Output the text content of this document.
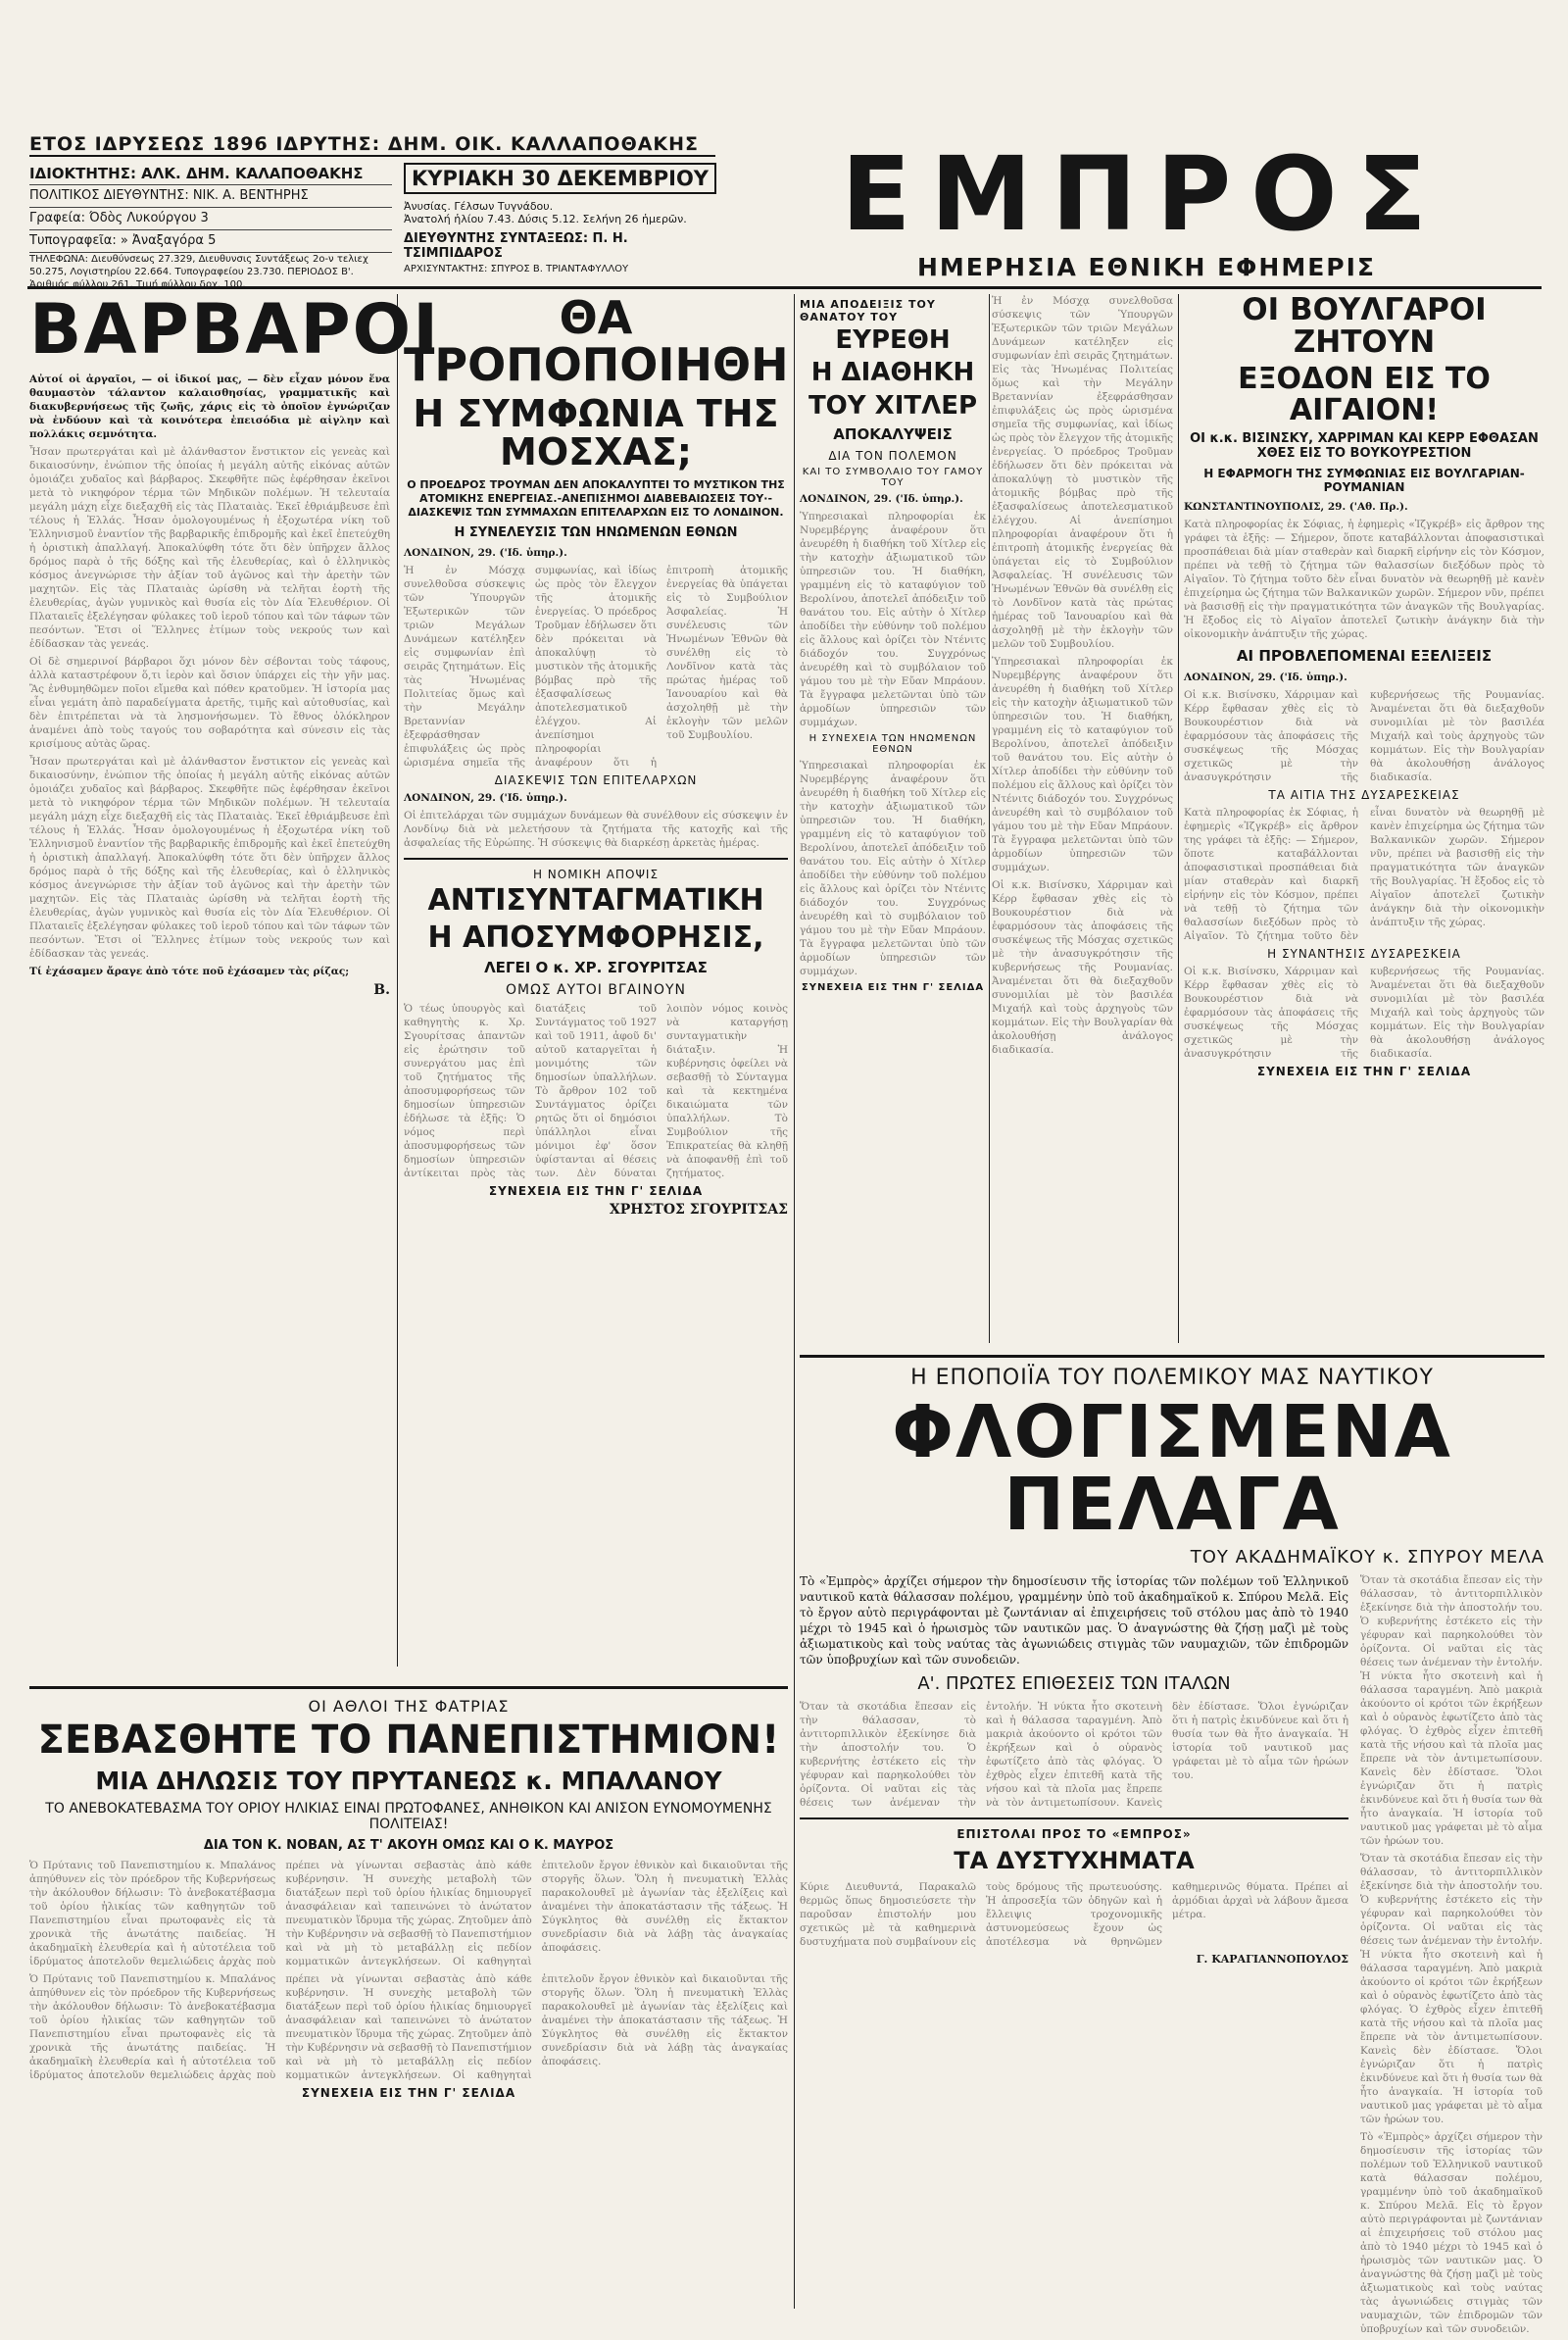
ΕΤΟΣ ΙΔΡΥΣΕΩΣ 1896 ΙΔΡΥΤΗΣ: ΔΗΜ. ΟΙΚ. ΚΑΛΛΑΠΟΘΑΚΗΣ
ΙΔΙΟΚΤΗΤΗΣ: ΑΛΚ. ΔΗΜ. ΚΑΛΑΠΟΘΑΚΗΣ
ΠΟΛΙΤΙΚΟΣ ΔΙΕΥΘΥΝΤΗΣ: ΝΙΚ. Α. ΒΕΝΤΗΡΗΣ
Γραφεία: Όδὸς Λυκούργου 3
Τυπογραφεῖα: » Ἀναξαγόρα 5
ΤΗΛΕΦΩΝΑ: Διευθύνσεως 27.329, Διευθυνσις Συντάξεως 2ο-ν τελιεχ 50.275, Λογιστηρίου 22.664. Τυπογραφείου 23.730. ΠΕΡΙΟΔΟΣ Β'. Ἀριθμός φύλλου 261. Τιμή φύλλου δρχ. 100.
ΚΥΡΙΑΚΗ 30 ΔΕΚΕΜΒΡΙΟΥ
Ἀνυσίας. Γέλσων Τυγνάδου.
Ἀνατολή ἡλίου 7.43. Δύσις 5.12. Σελήνη 26 ἡμερῶν.
ΔΙΕΥΘΥΝΤΗΣ ΣΥΝΤΑΞΕΩΣ: Π. Η. ΤΣΙΜΠΙΔΑΡΟΣ
ΑΡΧΙΣΥΝΤΑΚΤΗΣ: ΣΠΥΡΟΣ Β. ΤΡΙΑΝΤΑΦΥΛΛΟΥ
ΕΜΠΡΟΣ
ΗΜΕΡΗΣΙΑ ΕΘΝΙΚΗ ΕΦΗΜΕΡΙΣ
ΒΑΡΒΑΡΟΙ

Αὐτοί οἱ ἀργαῖοι, — οἱ ἰδικοί μας, — δὲν εἶχαν μόνον ἕνα θαυμαστὸν τάλαντον καλαισθησίας, γραμματικῆς καὶ διακυβερνήσεως τῆς ζωῆς, χάρις εἰς τὸ ὁποῖον ἐγνώριζαν νὰ ἐνδύουν καὶ τὰ κοινότερα ἐπεισόδια μὲ αἰγλην καὶ πολλάκις σεμνότητα.

Ἦσαν πρωτεργάται καὶ μὲ ἀλάνθαστον ἔνστικτον εἰς γενεὰς καὶ δικαιοσύνην, ἐνώπιον τῆς ὁποίας ἡ μεγάλη αὐτῆς εἰκόνας αὐτῶν ὁμοιάζει χυδαῖος καὶ βάρβαρος. Σκεφθῆτε πῶς ἐφέρθησαν ἐκεῖνοι μετὰ τὸ νικηφόρον τέρμα τῶν Μηδικῶν πολέμων. Ἡ τελευταία μεγάλη μάχη εἶχε διεξαχθῆ εἰς τὰς Πλαταιὰς. Ἐκεῖ ἐθριάμβευσε ἐπὶ τέλους ἡ Ἑλλάς. Ἦσαν ὁμολογουμένως ἡ ἐξοχωτέρα νίκη τοῦ Ἑλληνισμοῦ ἐναντίον τῆς βαρβαρικῆς ἐπιδρομῆς καὶ ἐκεῖ ἐπετεύχθη ἡ ὁριστικὴ ἀπαλλαγή. Ἀποκαλύφθη τότε ὅτι δὲν ὑπῆρχεν ἄλλος δρόμος παρὰ ὁ τῆς δόξης καὶ τῆς ἐλευθερίας, καὶ ὁ ἑλληνικὸς κόσμος ἀνεγνώρισε τὴν ἀξίαν τοῦ ἀγῶνος καὶ τὴν ἀρετὴν τῶν μαχητῶν. Εἰς τὰς Πλαταιὰς ὡρίσθη νὰ τελῆται ἑορτὴ τῆς ἐλευθερίας, ἀγὼν γυμνικὸς καὶ θυσία εἰς τὸν Δία Ἐλευθέριον. Οἱ Πλαταιεῖς ἐξελέγησαν φύλακες τοῦ ἱεροῦ τόπου καὶ τῶν τάφων τῶν πεσόντων. Ἔτσι οἱ Ἕλληνες ἐτίμων τοὺς νεκρούς των καὶ ἐδίδασκαν τὰς γενεάς.

Οἱ δὲ σημερινοί βάρβαροι ὅχι μόνον δὲν σέβονται τοὺς τάφους, ἀλλὰ καταστρέφουν ὅ,τι ἱερὸν καὶ ὅσιον ὑπάρχει εἰς τὴν γῆν μας. Ἂς ἐνθυμηθῶμεν ποῖοι εἴμεθα καὶ πόθεν κρατοῦμεν. Ἡ ἱστορία μας εἶναι γεμάτη ἀπὸ παραδείγματα ἀρετῆς, τιμῆς καὶ αὐτοθυσίας, καὶ δὲν ἐπιτρέπεται νὰ τὰ λησμονήσωμεν. Τὸ ἔθνος ὁλόκληρον ἀναμένει ἀπὸ τοὺς ταγούς του σοβαρότητα καὶ σύνεσιν εἰς τὰς κρισίμους αὐτὰς ὥρας.

Ἦσαν πρωτεργάται καὶ μὲ ἀλάνθαστον ἔνστικτον εἰς γενεὰς καὶ δικαιοσύνην, ἐνώπιον τῆς ὁποίας ἡ μεγάλη αὐτῆς εἰκόνας αὐτῶν ὁμοιάζει χυδαῖος καὶ βάρβαρος. Σκεφθῆτε πῶς ἐφέρθησαν ἐκεῖνοι μετὰ τὸ νικηφόρον τέρμα τῶν Μηδικῶν πολέμων. Ἡ τελευταία μεγάλη μάχη εἶχε διεξαχθῆ εἰς τὰς Πλαταιὰς. Ἐκεῖ ἐθριάμβευσε ἐπὶ τέλους ἡ Ἑλλάς. Ἦσαν ὁμολογουμένως ἡ ἐξοχωτέρα νίκη τοῦ Ἑλληνισμοῦ ἐναντίον τῆς βαρβαρικῆς ἐπιδρομῆς καὶ ἐκεῖ ἐπετεύχθη ἡ ὁριστικὴ ἀπαλλαγή. Ἀποκαλύφθη τότε ὅτι δὲν ὑπῆρχεν ἄλλος δρόμος παρὰ ὁ τῆς δόξης καὶ τῆς ἐλευθερίας, καὶ ὁ ἑλληνικὸς κόσμος ἀνεγνώρισε τὴν ἀξίαν τοῦ ἀγῶνος καὶ τὴν ἀρετὴν τῶν μαχητῶν. Εἰς τὰς Πλαταιὰς ὡρίσθη νὰ τελῆται ἑορτὴ τῆς ἐλευθερίας, ἀγὼν γυμνικὸς καὶ θυσία εἰς τὸν Δία Ἐλευθέριον. Οἱ Πλαταιεῖς ἐξελέγησαν φύλακες τοῦ ἱεροῦ τόπου καὶ τῶν τάφων τῶν πεσόντων. Ἔτσι οἱ Ἕλληνες ἐτίμων τοὺς νεκρούς των καὶ ἐδίδασκαν τὰς γενεάς.

Τί ἐχάσαμεν ἄραγε ἀπὸ τότε ποῦ ἐχάσαμεν τὰς ρίζας;

Β.
ΘΑ ΤΡΟΠΟΠΟΙΗΘΗ
Η ΣΥΜΦΩΝΙΑ ΤΗΣ ΜΟΣΧΑΣ;

Ο ΠΡΟΕΔΡΟΣ ΤΡΟΥΜΑΝ ΔΕΝ ΑΠΟΚΑΛΥΠΤΕΙ ΤΟ ΜΥΣΤΙΚΟΝ ΤΗΣ ΑΤΟΜΙΚΗΣ ΕΝΕΡΓΕΙΑΣ.-ΑΝΕΠΙΣΗΜΟΙ ΔΙΑΒΕΒΑΙΩΣΕΙΣ ΤΟΥ·-ΔΙΑΣΚΕΨΙΣ ΤΩΝ ΣΥΜΜΑΧΩΝ ΕΠΙΤΕΛΑΡΧΩΝ ΕΙΣ ΤΟ ΛΟΝΔΙΝΟΝ.

Η ΣΥΝΕΛΕΥΣΙΣ ΤΩΝ ΗΝΩΜΕΝΩΝ ΕΘΝΩΝ

ΛΟΝΔΙΝΟΝ, 29. ('Ιδ. ὑπηρ.).

Ἡ ἐν Μόσχᾳ συνελθοῦσα σύσκεψις τῶν Ὑπουργῶν Ἐξωτερικῶν τῶν τριῶν Μεγάλων Δυνάμεων κατέληξεν εἰς συμφωνίαν ἐπὶ σειρᾶς ζητημάτων. Εἰς τὰς Ἡνωμένας Πολιτείας ὅμως καὶ τὴν Μεγάλην Βρεταννίαν ἐξεφράσθησαν ἐπιφυλάξεις ὡς πρὸς ὡρισμένα σημεῖα τῆς συμφωνίας, καὶ ἰδίως ὡς πρὸς τὸν ἔλεγχον τῆς ἀτομικῆς ἐνεργείας. Ὁ πρόεδρος Τροῦμαν ἐδήλωσεν ὅτι δὲν πρόκειται νὰ ἀποκαλύψῃ τὸ μυστικὸν τῆς ἀτομικῆς βόμβας πρὸ τῆς ἐξασφαλίσεως ἀποτελεσματικοῦ ἐλέγχου. Αἱ ἀνεπίσημοι πληροφορίαι ἀναφέρουν ὅτι ἡ ἐπιτροπὴ ἀτομικῆς ἐνεργείας θὰ ὑπάγεται εἰς τὸ Συμβούλιον Ἀσφαλείας. Ἡ συνέλευσις τῶν Ἡνωμένων Ἐθνῶν θὰ συνέλθῃ εἰς τὸ Λονδῖνον κατὰ τὰς πρώτας ἡμέρας τοῦ Ἰανουαρίου καὶ θὰ ἀσχοληθῇ μὲ τὴν ἐκλογὴν τῶν μελῶν τοῦ Συμβουλίου.

ΔΙΑΣΚΕΨΙΣ ΤΩΝ ΕΠΙΤΕΛΑΡΧΩΝ

ΛΟΝΔΙΝΟΝ, 29. ('Ιδ. ὑπηρ.).

Οἱ ἐπιτελάρχαι τῶν συμμάχων δυνάμεων θὰ συνέλθουν εἰς σύσκεψιν ἐν Λονδίνῳ διὰ νὰ μελετήσουν τὰ ζητήματα τῆς κατοχῆς καὶ τῆς ἀσφαλείας τῆς Εὐρώπης. Ἡ σύσκεψις θὰ διαρκέσῃ ἀρκετὰς ἡμέρας.

Η ΝΟΜΙΚΗ ΑΠΟΨΙΣ
ΑΝΤΙΣΥΝΤΑΓΜΑΤΙΚΗ
Η ΑΠΟΣΥΜΦΟΡΗΣΙΣ,
ΛΕΓΕΙ Ο κ. ΧΡ. ΣΓΟΥΡΙΤΣΑΣ
ΟΜΩΣ ΑΥΤΟΙ ΒΓΑΙΝΟΥΝ

Ὁ τέως ὑπουργὸς καὶ καθηγητὴς κ. Χρ. Σγουρίτσας ἀπαντῶν εἰς ἐρώτησιν τοῦ συνεργάτου μας ἐπὶ τοῦ ζητήματος τῆς ἀποσυμφορήσεως τῶν δημοσίων ὑπηρεσιῶν ἐδήλωσε τὰ ἑξῆς: Ὁ νόμος περὶ ἀποσυμφορήσεως τῶν δημοσίων ὑπηρεσιῶν ἀντίκειται πρὸς τὰς διατάξεις τοῦ Συντάγματος τοῦ 1927 καὶ τοῦ 1911, ἀφοῦ δι' αὐτοῦ καταργεῖται ἡ μονιμότης τῶν δημοσίων ὑπαλλήλων. Τὸ ἄρθρον 102 τοῦ Συντάγματος ὁρίζει ρητῶς ὅτι οἱ δημόσιοι ὑπάλληλοι εἶναι μόνιμοι ἐφ' ὅσον ὑφίστανται αἱ θέσεις των. Δὲν δύναται λοιπὸν νόμος κοινὸς νὰ καταργήσῃ συνταγματικὴν διάταξιν. Ἡ κυβέρνησις ὀφείλει νὰ σεβασθῇ τὸ Σύνταγμα καὶ τὰ κεκτημένα δικαιώματα τῶν ὑπαλλήλων. Τὸ Συμβούλιον τῆς Ἐπικρατείας θὰ κληθῇ νὰ ἀποφανθῇ ἐπὶ τοῦ ζητήματος.

ΣΥΝΕΧΕΙΑ ΕΙΣ ΤΗΝ Γ' ΣΕΛΙΔΑ
ΧΡΗΣΤΟΣ ΣΓΟΥΡΙΤΣΑΣ
ΜΙΑ ΑΠΟΔΕΙΞΙΣ ΤΟΥ ΘΑΝΑΤΟΥ ΤΟΥ
ΕΥΡΕΘΗ
Η ΔΙΑΘΗΚΗ
ΤΟΥ ΧΙΤΛΕΡ
ΑΠΟΚΑΛΥΨΕΙΣ
ΔΙΑ ΤΟΝ ΠΟΛΕΜΟΝ
ΚΑΙ ΤΟ ΣΥΜΒΟΛΑΙΟ ΤΟΥ ΓΑΜΟΥ ΤΟΥ

ΛΟΝΔΙΝΟΝ, 29. ('Ιδ. ὑπηρ.).

Ὑπηρεσιακαὶ πληροφορίαι ἐκ Νυρεμβέργης ἀναφέρουν ὅτι ἀνευρέθη ἡ διαθήκη τοῦ Χίτλερ εἰς τὴν κατοχὴν ἀξιωματικοῦ τῶν ὑπηρεσιῶν του. Ἡ διαθήκη, γραμμένη εἰς τὸ καταφύγιον τοῦ Βερολίνου, ἀποτελεῖ ἀπόδειξιν τοῦ θανάτου του. Εἰς αὐτὴν ὁ Χίτλερ ἀποδίδει τὴν εὐθύνην τοῦ πολέμου εἰς ἄλλους καὶ ὁρίζει τὸν Ντένιτς διάδοχόν του. Συγχρόνως ἀνευρέθη καὶ τὸ συμβόλαιον τοῦ γάμου του μὲ τὴν Εὔαν Μπράουν. Τὰ ἔγγραφα μελετῶνται ὑπὸ τῶν ἀρμοδίων ὑπηρεσιῶν τῶν συμμάχων.

Η ΣΥΝΕΧΕΙΑ ΤΩΝ ΗΝΩΜΕΝΩΝ ΕΘΝΩΝ

Ὑπηρεσιακαὶ πληροφορίαι ἐκ Νυρεμβέργης ἀναφέρουν ὅτι ἀνευρέθη ἡ διαθήκη τοῦ Χίτλερ εἰς τὴν κατοχὴν ἀξιωματικοῦ τῶν ὑπηρεσιῶν του. Ἡ διαθήκη, γραμμένη εἰς τὸ καταφύγιον τοῦ Βερολίνου, ἀποτελεῖ ἀπόδειξιν τοῦ θανάτου του. Εἰς αὐτὴν ὁ Χίτλερ ἀποδίδει τὴν εὐθύνην τοῦ πολέμου εἰς ἄλλους καὶ ὁρίζει τὸν Ντένιτς διάδοχόν του. Συγχρόνως ἀνευρέθη καὶ τὸ συμβόλαιον τοῦ γάμου του μὲ τὴν Εὔαν Μπράουν. Τὰ ἔγγραφα μελετῶνται ὑπὸ τῶν ἀρμοδίων ὑπηρεσιῶν τῶν συμμάχων.

ΣΥΝΕΧΕΙΑ ΕΙΣ ΤΗΝ Γ' ΣΕΛΙΔΑ

Ἡ ἐν Μόσχᾳ συνελθοῦσα σύσκεψις τῶν Ὑπουργῶν Ἐξωτερικῶν τῶν τριῶν Μεγάλων Δυνάμεων κατέληξεν εἰς συμφωνίαν ἐπὶ σειρᾶς ζητημάτων. Εἰς τὰς Ἡνωμένας Πολιτείας ὅμως καὶ τὴν Μεγάλην Βρεταννίαν ἐξεφράσθησαν ἐπιφυλάξεις ὡς πρὸς ὡρισμένα σημεῖα τῆς συμφωνίας, καὶ ἰδίως ὡς πρὸς τὸν ἔλεγχον τῆς ἀτομικῆς ἐνεργείας. Ὁ πρόεδρος Τροῦμαν ἐδήλωσεν ὅτι δὲν πρόκειται νὰ ἀποκαλύψῃ τὸ μυστικὸν τῆς ἀτομικῆς βόμβας πρὸ τῆς ἐξασφαλίσεως ἀποτελεσματικοῦ ἐλέγχου. Αἱ ἀνεπίσημοι πληροφορίαι ἀναφέρουν ὅτι ἡ ἐπιτροπὴ ἀτομικῆς ἐνεργείας θὰ ὑπάγεται εἰς τὸ Συμβούλιον Ἀσφαλείας. Ἡ συνέλευσις τῶν Ἡνωμένων Ἐθνῶν θὰ συνέλθῃ εἰς τὸ Λονδῖνον κατὰ τὰς πρώτας ἡμέρας τοῦ Ἰανουαρίου καὶ θὰ ἀσχοληθῇ μὲ τὴν ἐκλογὴν τῶν μελῶν τοῦ Συμβουλίου.

Ὑπηρεσιακαὶ πληροφορίαι ἐκ Νυρεμβέργης ἀναφέρουν ὅτι ἀνευρέθη ἡ διαθήκη τοῦ Χίτλερ εἰς τὴν κατοχὴν ἀξιωματικοῦ τῶν ὑπηρεσιῶν του. Ἡ διαθήκη, γραμμένη εἰς τὸ καταφύγιον τοῦ Βερολίνου, ἀποτελεῖ ἀπόδειξιν τοῦ θανάτου του. Εἰς αὐτὴν ὁ Χίτλερ ἀποδίδει τὴν εὐθύνην τοῦ πολέμου εἰς ἄλλους καὶ ὁρίζει τὸν Ντένιτς διάδοχόν του. Συγχρόνως ἀνευρέθη καὶ τὸ συμβόλαιον τοῦ γάμου του μὲ τὴν Εὔαν Μπράουν. Τὰ ἔγγραφα μελετῶνται ὑπὸ τῶν ἀρμοδίων ὑπηρεσιῶν τῶν συμμάχων.

Οἱ κ.κ. Βισίνσκυ, Χάρριμαν καὶ Κέρρ ἔφθασαν χθὲς εἰς τὸ Βουκουρέστιον διὰ νὰ ἐφαρμόσουν τὰς ἀποφάσεις τῆς συσκέψεως τῆς Μόσχας σχετικῶς μὲ τὴν ἀνασυγκρότησιν τῆς κυβερνήσεως τῆς Ρουμανίας. Ἀναμένεται ὅτι θὰ διεξαχθοῦν συνομιλίαι μὲ τὸν βασιλέα Μιχαήλ καὶ τοὺς ἀρχηγοὺς τῶν κομμάτων. Εἰς τὴν Βουλγαρίαν θὰ ἀκολουθήσῃ ἀνάλογος διαδικασία.

ΟΙ ΒΟΥΛΓΑΡΟΙ ΖΗΤΟΥΝ
ΕΞΟΔΟΝ ΕΙΣ ΤΟ ΑΙΓΑΙΟΝ!
ΟΙ κ.κ. ΒΙΣΙΝΣΚΥ, ΧΑΡΡΙΜΑΝ ΚΑΙ ΚΕΡΡ ΕΦΘΑΣΑΝ ΧΘΕΣ ΕΙΣ ΤΟ ΒΟΥΚΟΥΡΕΣΤΙΟΝ
Η ΕΦΑΡΜΟΓΗ ΤΗΣ ΣΥΜΦΩΝΙΑΣ ΕΙΣ ΒΟΥΛΓΑΡΙΑΝ-ΡΟΥΜΑΝΙΑΝ

ΚΩΝΣΤΑΝΤΙΝΟΥΠΟΛΙΣ, 29. ('Αθ. Πρ.).

Κατὰ πληροφορίας ἐκ Σόφιας, ἡ ἐφημερὶς «Ἰζγκρέβ» εἰς ἄρθρον της γράφει τὰ ἑξῆς: — Σήμερον, ὅποτε καταβάλλονται ἀποφασιστικαὶ προσπάθειαι διὰ μίαν σταθερὰν καὶ διαρκῆ εἰρήνην εἰς τὸν Κόσμον, πρέπει νὰ τεθῇ τὸ ζήτημα τῶν θαλασσίων διεξόδων πρὸς τὸ Αἰγαῖον. Τὸ ζήτημα τοῦτο δὲν εἶναι δυνατὸν νὰ θεωρηθῇ μὲ κανὲν ἐπιχείρημα ὡς ζήτημα τῶν Βαλκανικῶν χωρῶν. Σήμερον νῦν, πρέπει νὰ βασισθῇ εἰς τὴν πραγματικότητα τῶν ἀναγκῶν τῆς Βουλγαρίας. Ἡ ἔξοδος εἰς τὸ Αἰγαῖον ἀποτελεῖ ζωτικὴν ἀνάγκην διὰ τὴν οἰκονομικὴν ἀνάπτυξιν τῆς χώρας.

ΑΙ ΠΡΟΒΛΕΠΟΜΕΝΑΙ ΕΞΕΛΙΞΕΙΣ

ΛΟΝΔΙΝΟΝ, 29. ('Ιδ. ὑπηρ.).

Οἱ κ.κ. Βισίνσκυ, Χάρριμαν καὶ Κέρρ ἔφθασαν χθὲς εἰς τὸ Βουκουρέστιον διὰ νὰ ἐφαρμόσουν τὰς ἀποφάσεις τῆς συσκέψεως τῆς Μόσχας σχετικῶς μὲ τὴν ἀνασυγκρότησιν τῆς κυβερνήσεως τῆς Ρουμανίας. Ἀναμένεται ὅτι θὰ διεξαχθοῦν συνομιλίαι μὲ τὸν βασιλέα Μιχαήλ καὶ τοὺς ἀρχηγοὺς τῶν κομμάτων. Εἰς τὴν Βουλγαρίαν θὰ ἀκολουθήσῃ ἀνάλογος διαδικασία.

ΤΑ ΑΙΤΙΑ ΤΗΣ ΔΥΣΑΡΕΣΚΕΙΑΣ

Κατὰ πληροφορίας ἐκ Σόφιας, ἡ ἐφημερὶς «Ἰζγκρέβ» εἰς ἄρθρον της γράφει τὰ ἑξῆς: — Σήμερον, ὅποτε καταβάλλονται ἀποφασιστικαὶ προσπάθειαι διὰ μίαν σταθερὰν καὶ διαρκῆ εἰρήνην εἰς τὸν Κόσμον, πρέπει νὰ τεθῇ τὸ ζήτημα τῶν θαλασσίων διεξόδων πρὸς τὸ Αἰγαῖον. Τὸ ζήτημα τοῦτο δὲν εἶναι δυνατὸν νὰ θεωρηθῇ μὲ κανὲν ἐπιχείρημα ὡς ζήτημα τῶν Βαλκανικῶν χωρῶν. Σήμερον νῦν, πρέπει νὰ βασισθῇ εἰς τὴν πραγματικότητα τῶν ἀναγκῶν τῆς Βουλγαρίας. Ἡ ἔξοδος εἰς τὸ Αἰγαῖον ἀποτελεῖ ζωτικὴν ἀνάγκην διὰ τὴν οἰκονομικὴν ἀνάπτυξιν τῆς χώρας.

Η ΣΥΝΑΝΤΗΣΙΣ ΔΥΣΑΡΕΣΚΕΙΑ

Οἱ κ.κ. Βισίνσκυ, Χάρριμαν καὶ Κέρρ ἔφθασαν χθὲς εἰς τὸ Βουκουρέστιον διὰ νὰ ἐφαρμόσουν τὰς ἀποφάσεις τῆς συσκέψεως τῆς Μόσχας σχετικῶς μὲ τὴν ἀνασυγκρότησιν τῆς κυβερνήσεως τῆς Ρουμανίας. Ἀναμένεται ὅτι θὰ διεξαχθοῦν συνομιλίαι μὲ τὸν βασιλέα Μιχαήλ καὶ τοὺς ἀρχηγοὺς τῶν κομμάτων. Εἰς τὴν Βουλγαρίαν θὰ ἀκολουθήσῃ ἀνάλογος διαδικασία.

ΣΥΝΕΧΕΙΑ ΕΙΣ ΤΗΝ Γ' ΣΕΛΙΔΑ
ΟΙ ΑΘΛΟΙ ΤΗΣ ΦΑΤΡΙΑΣ
ΣΕΒΑΣΘΗΤΕ ΤΟ ΠΑΝΕΠΙΣΤΗΜΙΟΝ!
ΜΙΑ ΔΗΛΩΣΙΣ ΤΟΥ ΠΡΥΤΑΝΕΩΣ κ. ΜΠΑΛΑΝΟΥ
ΤΟ ΑΝΕΒΟΚΑΤΕΒΑΣΜΑ ΤΟΥ ΟΡΙΟΥ ΗΛΙΚΙΑΣ ΕΙΝΑΙ ΠΡΩΤΟΦΑΝΕΣ, ΑΝΗΘΙΚΟΝ ΚΑΙ ΑΝΙΣΟΝ ΕΥΝΟΜΟΥΜΕΝΗΣ ΠΟΛΙΤΕΙΑΣ!
ΔΙΑ ΤΟΝ Κ. ΝΟΒΑΝ, ΑΣ Τ' ΑΚΟΥΗ ΟΜΩΣ ΚΑΙ Ο Κ. ΜΑΥΡΟΣ

Ὁ Πρύτανις τοῦ Πανεπιστημίου κ. Μπαλάνος ἀπηύθυνεν εἰς τὸν πρόεδρον τῆς Κυβερνήσεως τὴν ἀκόλουθον δήλωσιν: Τὸ ἀνεβοκατέβασμα τοῦ ὁρίου ἡλικίας τῶν καθηγητῶν τοῦ Πανεπιστημίου εἶναι πρωτοφανὲς εἰς τὰ χρονικὰ τῆς ἀνωτάτης παιδείας. Ἡ ἀκαδημαϊκὴ ἐλευθερία καὶ ἡ αὐτοτέλεια τοῦ ἱδρύματος ἀποτελοῦν θεμελιώδεις ἀρχὰς ποὺ πρέπει νὰ γίνωνται σεβαστὰς ἀπὸ κάθε κυβέρνησιν. Ἡ συνεχὴς μεταβολὴ τῶν διατάξεων περὶ τοῦ ὁρίου ἡλικίας δημιουργεῖ ἀνασφάλειαν καὶ ταπεινώνει τὸ ἀνώτατον πνευματικὸν ἵδρυμα τῆς χώρας. Ζητοῦμεν ἀπὸ τὴν Κυβέρνησιν νὰ σεβασθῇ τὸ Πανεπιστήμιον καὶ νὰ μὴ τὸ μεταβάλλῃ εἰς πεδίον κομματικῶν ἀντεγκλήσεων. Οἱ καθηγηταὶ ἐπιτελοῦν ἔργον ἐθνικὸν καὶ δικαιοῦνται τῆς στοργῆς ὅλων. Ὅλη ἡ πνευματικὴ Ἑλλὰς παρακολουθεῖ μὲ ἀγωνίαν τὰς ἐξελίξεις καὶ ἀναμένει τὴν ἀποκατάστασιν τῆς τάξεως. Ἡ Σύγκλητος θὰ συνέλθῃ εἰς ἔκτακτον συνεδρίασιν διὰ νὰ λάβῃ τὰς ἀναγκαίας ἀποφάσεις.

Ὁ Πρύτανις τοῦ Πανεπιστημίου κ. Μπαλάνος ἀπηύθυνεν εἰς τὸν πρόεδρον τῆς Κυβερνήσεως τὴν ἀκόλουθον δήλωσιν: Τὸ ἀνεβοκατέβασμα τοῦ ὁρίου ἡλικίας τῶν καθηγητῶν τοῦ Πανεπιστημίου εἶναι πρωτοφανὲς εἰς τὰ χρονικὰ τῆς ἀνωτάτης παιδείας. Ἡ ἀκαδημαϊκὴ ἐλευθερία καὶ ἡ αὐτοτέλεια τοῦ ἱδρύματος ἀποτελοῦν θεμελιώδεις ἀρχὰς ποὺ πρέπει νὰ γίνωνται σεβαστὰς ἀπὸ κάθε κυβέρνησιν. Ἡ συνεχὴς μεταβολὴ τῶν διατάξεων περὶ τοῦ ὁρίου ἡλικίας δημιουργεῖ ἀνασφάλειαν καὶ ταπεινώνει τὸ ἀνώτατον πνευματικὸν ἵδρυμα τῆς χώρας. Ζητοῦμεν ἀπὸ τὴν Κυβέρνησιν νὰ σεβασθῇ τὸ Πανεπιστήμιον καὶ νὰ μὴ τὸ μεταβάλλῃ εἰς πεδίον κομματικῶν ἀντεγκλήσεων. Οἱ καθηγηταὶ ἐπιτελοῦν ἔργον ἐθνικὸν καὶ δικαιοῦνται τῆς στοργῆς ὅλων. Ὅλη ἡ πνευματικὴ Ἑλλὰς παρακολουθεῖ μὲ ἀγωνίαν τὰς ἐξελίξεις καὶ ἀναμένει τὴν ἀποκατάστασιν τῆς τάξεως. Ἡ Σύγκλητος θὰ συνέλθῃ εἰς ἔκτακτον συνεδρίασιν διὰ νὰ λάβῃ τὰς ἀναγκαίας ἀποφάσεις.

ΣΥΝΕΧΕΙΑ ΕΙΣ ΤΗΝ Γ' ΣΕΛΙΔΑ
Η ΕΠΟΠΟΙΪΑ ΤΟΥ ΠΟΛΕΜΙΚΟΥ ΜΑΣ ΝΑΥΤΙΚΟΥ
ΦΛΟΓΙΣΜΕΝΑ ΠΕΛΑΓΑ
ΤΟΥ ΑΚΑΔΗΜΑΪΚΟΥ κ. ΣΠΥΡΟΥ ΜΕΛΑ

Τὸ «Ἐμπρὸς» ἀρχίζει σήμερον τὴν δημοσίευσιν τῆς ἱστορίας τῶν πολέμων τοῦ Ἑλληνικοῦ ναυτικοῦ κατὰ θάλασσαν πολέμου, γραμμένην ὑπὸ τοῦ ἀκαδημαϊκοῦ κ. Σπύρου Μελᾶ. Εἰς τὸ ἔργον αὐτὸ περιγράφονται μὲ ζωντάνιαν αἱ ἐπιχειρήσεις τοῦ στόλου μας ἀπὸ τὸ 1940 μέχρι τὸ 1945 καὶ ὁ ἡρωισμὸς τῶν ναυτικῶν μας. Ὁ ἀναγνώστης θὰ ζήσῃ μαζὶ μὲ τοὺς ἀξιωματικοὺς καὶ τοὺς ναύτας τὰς ἀγωνιώδεις στιγμὰς τῶν ναυμαχιῶν, τῶν ἐπιδρομῶν τῶν ὑποβρυχίων καὶ τῶν συνοδειῶν.

Α'. ΠΡΩΤΕΣ ΕΠΙΘΕΣΕΙΣ ΤΩΝ ΙΤΑΛΩΝ

Ὅταν τὰ σκοτάδια ἔπεσαν εἰς τὴν θάλασσαν, τὸ ἀντιτορπιλλικὸν ἐξεκίνησε διὰ τὴν ἀποστολήν του. Ὁ κυβερνήτης ἐστέκετο εἰς τὴν γέφυραν καὶ παρηκολούθει τὸν ὁρίζοντα. Οἱ ναῦται εἰς τὰς θέσεις των ἀνέμεναν τὴν ἐντολήν. Ἡ νύκτα ἦτο σκοτεινὴ καὶ ἡ θάλασσα ταραγμένη. Ἀπὸ μακριὰ ἀκούοντο οἱ κρότοι τῶν ἐκρήξεων καὶ ὁ οὐρανὸς ἐφωτίζετο ἀπὸ τὰς φλόγας. Ὁ ἐχθρὸς εἶχεν ἐπιτεθῆ κατὰ τῆς νήσου καὶ τὰ πλοῖα μας ἔπρεπε νὰ τὸν ἀντιμετωπίσουν. Κανεὶς δὲν ἐδίστασε. Ὅλοι ἐγνώριζαν ὅτι ἡ πατρὶς ἐκινδύνευε καὶ ὅτι ἡ θυσία των θὰ ἦτο ἀναγκαία. Ἡ ἱστορία τοῦ ναυτικοῦ μας γράφεται μὲ τὸ αἷμα τῶν ἡρώων του.

ΕΠΙΣΤΟΛΑΙ ΠΡΟΣ ΤΟ «ΕΜΠΡΟΣ»
ΤΑ ΔΥΣΤΥΧΗΜΑΤΑ

Κύριε Διευθυντά, Παρακαλῶ θερμῶς ὅπως δημοσιεύσετε τὴν παροῦσαν ἐπιστολήν μου σχετικῶς μὲ τὰ καθημερινὰ δυστυχήματα ποὺ συμβαίνουν εἰς τοὺς δρόμους τῆς πρωτευούσης. Ἡ ἀπροσεξία τῶν ὁδηγῶν καὶ ἡ ἔλλειψις τροχονομικῆς ἀστυνομεύσεως ἔχουν ὡς ἀποτέλεσμα νὰ θρηνῶμεν καθημερινῶς θύματα. Πρέπει αἱ ἁρμόδιαι ἀρχαὶ νὰ λάβουν ἄμεσα μέτρα.

Γ. ΚΑΡΑΓΙΑΝΝΟΠΟΥΛΟΣ

Ὅταν τὰ σκοτάδια ἔπεσαν εἰς τὴν θάλασσαν, τὸ ἀντιτορπιλλικὸν ἐξεκίνησε διὰ τὴν ἀποστολήν του. Ὁ κυβερνήτης ἐστέκετο εἰς τὴν γέφυραν καὶ παρηκολούθει τὸν ὁρίζοντα. Οἱ ναῦται εἰς τὰς θέσεις των ἀνέμεναν τὴν ἐντολήν. Ἡ νύκτα ἦτο σκοτεινὴ καὶ ἡ θάλασσα ταραγμένη. Ἀπὸ μακριὰ ἀκούοντο οἱ κρότοι τῶν ἐκρήξεων καὶ ὁ οὐρανὸς ἐφωτίζετο ἀπὸ τὰς φλόγας. Ὁ ἐχθρὸς εἶχεν ἐπιτεθῆ κατὰ τῆς νήσου καὶ τὰ πλοῖα μας ἔπρεπε νὰ τὸν ἀντιμετωπίσουν. Κανεὶς δὲν ἐδίστασε. Ὅλοι ἐγνώριζαν ὅτι ἡ πατρὶς ἐκινδύνευε καὶ ὅτι ἡ θυσία των θὰ ἦτο ἀναγκαία. Ἡ ἱστορία τοῦ ναυτικοῦ μας γράφεται μὲ τὸ αἷμα τῶν ἡρώων του.

Ὅταν τὰ σκοτάδια ἔπεσαν εἰς τὴν θάλασσαν, τὸ ἀντιτορπιλλικὸν ἐξεκίνησε διὰ τὴν ἀποστολήν του. Ὁ κυβερνήτης ἐστέκετο εἰς τὴν γέφυραν καὶ παρηκολούθει τὸν ὁρίζοντα. Οἱ ναῦται εἰς τὰς θέσεις των ἀνέμεναν τὴν ἐντολήν. Ἡ νύκτα ἦτο σκοτεινὴ καὶ ἡ θάλασσα ταραγμένη. Ἀπὸ μακριὰ ἀκούοντο οἱ κρότοι τῶν ἐκρήξεων καὶ ὁ οὐρανὸς ἐφωτίζετο ἀπὸ τὰς φλόγας. Ὁ ἐχθρὸς εἶχεν ἐπιτεθῆ κατὰ τῆς νήσου καὶ τὰ πλοῖα μας ἔπρεπε νὰ τὸν ἀντιμετωπίσουν. Κανεὶς δὲν ἐδίστασε. Ὅλοι ἐγνώριζαν ὅτι ἡ πατρὶς ἐκινδύνευε καὶ ὅτι ἡ θυσία των θὰ ἦτο ἀναγκαία. Ἡ ἱστορία τοῦ ναυτικοῦ μας γράφεται μὲ τὸ αἷμα τῶν ἡρώων του.

Τὸ «Ἐμπρὸς» ἀρχίζει σήμερον τὴν δημοσίευσιν τῆς ἱστορίας τῶν πολέμων τοῦ Ἑλληνικοῦ ναυτικοῦ κατὰ θάλασσαν πολέμου, γραμμένην ὑπὸ τοῦ ἀκαδημαϊκοῦ κ. Σπύρου Μελᾶ. Εἰς τὸ ἔργον αὐτὸ περιγράφονται μὲ ζωντάνιαν αἱ ἐπιχειρήσεις τοῦ στόλου μας ἀπὸ τὸ 1940 μέχρι τὸ 1945 καὶ ὁ ἡρωισμὸς τῶν ναυτικῶν μας. Ὁ ἀναγνώστης θὰ ζήσῃ μαζὶ μὲ τοὺς ἀξιωματικοὺς καὶ τοὺς ναύτας τὰς ἀγωνιώδεις στιγμὰς τῶν ναυμαχιῶν, τῶν ἐπιδρομῶν τῶν ὑποβρυχίων καὶ τῶν συνοδειῶν.
